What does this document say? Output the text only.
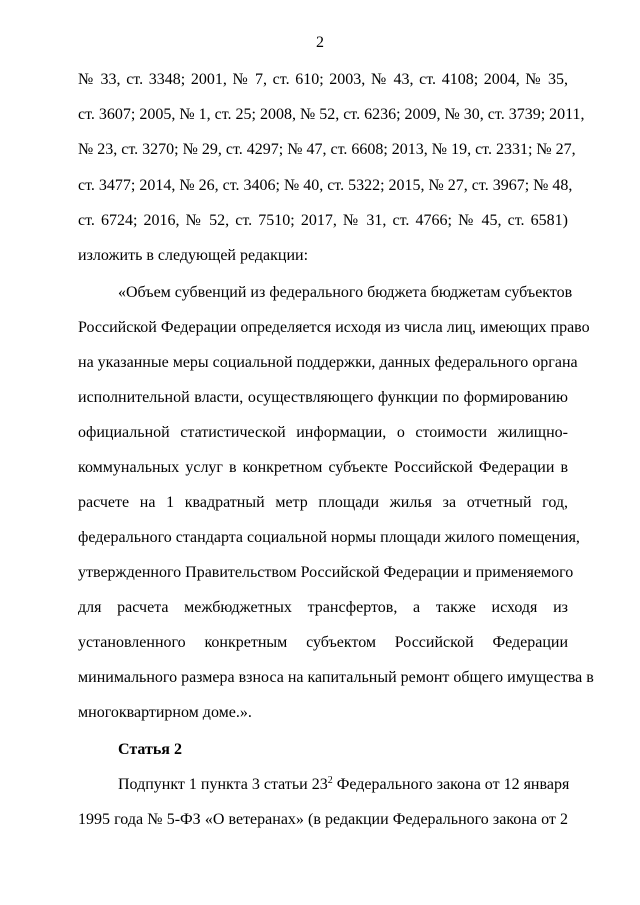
2
№ 33, ст. 3348; 2001, № 7, ст. 610; 2003, № 43, ст. 4108; 2004, № 35,
ст. 3607; 2005, № 1, ст. 25; 2008, № 52, ст. 6236; 2009, № 30, ст. 3739; 2011,
№ 23, ст. 3270; № 29, ст. 4297; № 47, ст. 6608; 2013, № 19, ст. 2331; № 27,
ст. 3477; 2014, № 26, ст. 3406; № 40, ст. 5322; 2015, № 27, ст. 3967; № 48,
ст. 6724; 2016, № 52, ст. 7510; 2017, № 31, ст. 4766; № 45, ст. 6581)
изложить в следующей редакции:
«Объем субвенций из федерального бюджета бюджетам субъектов
Российской Федерации определяется исходя из числа лиц, имеющих право
на указанные меры социальной поддержки, данных федерального органа
исполнительной власти, осуществляющего функции по формированию
официальной статистической информации, о стоимости жилищно-
коммунальных услуг в конкретном субъекте Российской Федерации в
расчете на 1 квадратный метр площади жилья за отчетный год,
федерального стандарта социальной нормы площади жилого помещения,
утвержденного Правительством Российской Федерации и применяемого
для расчета межбюджетных трансфертов, а также исходя из
установленного конкретным субъектом Российской Федерации
минимального размера взноса на капитальный ремонт общего имущества в
многоквартирном доме.».
Статья 2
Подпункт 1 пункта 3 статьи $23^2$ Федерального закона от 12 января
1995 года № 5-ФЗ «О ветеранах» (в редакции Федерального закона от 2
